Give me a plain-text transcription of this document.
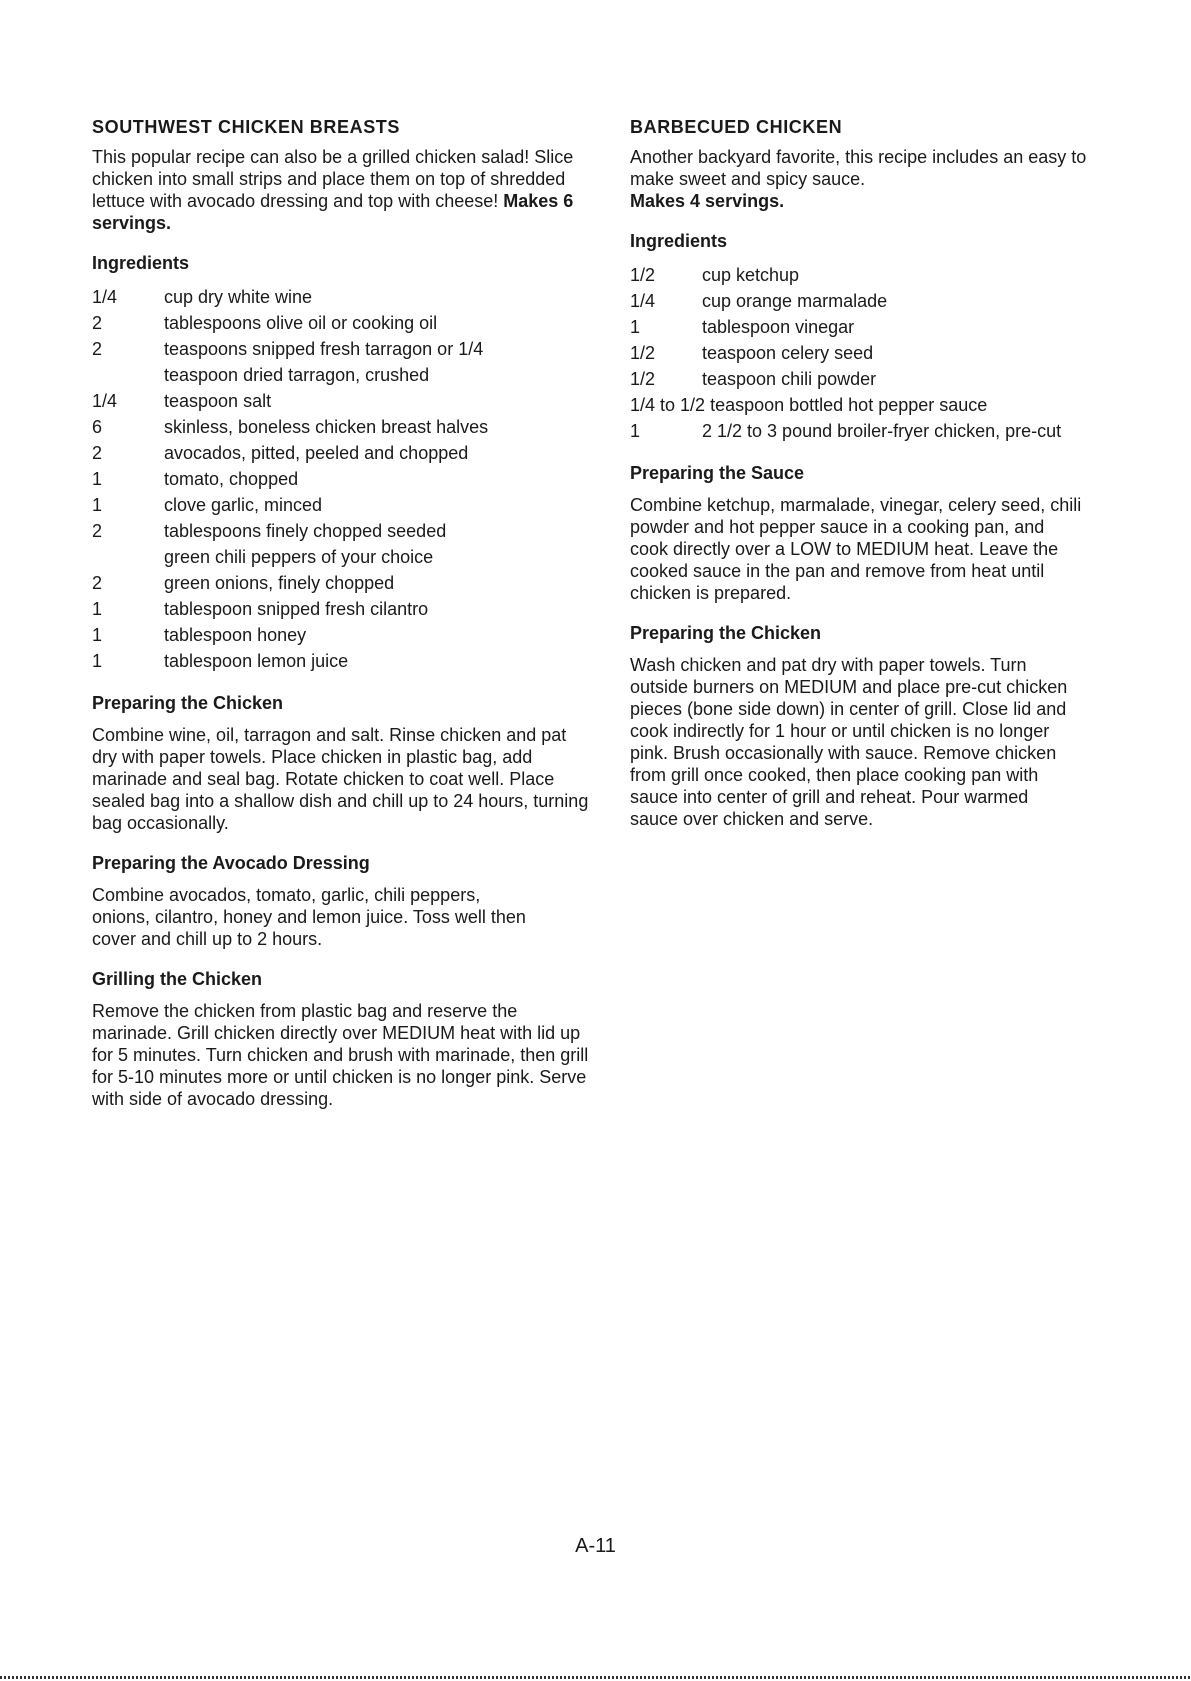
SOUTHWEST CHICKEN BREASTS

This popular recipe can also be a grilled chicken salad! Slice chicken into small strips and place them on top of shredded lettuce with avocado dressing and top with cheese! Makes 6 servings.

Ingredients
1/4	cup dry white wine
2	tablespoons olive oil or cooking oil
2	teaspoons snipped fresh tarragon or 1/4 teaspoon dried tarragon, crushed
1/4	teaspoon salt
6	skinless, boneless chicken breast halves
2	avocados, pitted, peeled and chopped
1	tomato, chopped
1	clove garlic, minced
2	tablespoons finely chopped seeded green chili peppers of your choice
2	green onions, finely chopped
1	tablespoon snipped fresh cilantro
1	tablespoon honey
1	tablespoon lemon juice
Preparing the Chicken

Combine wine, oil, tarragon and salt. Rinse chicken and pat dry with paper towels. Place chicken in plastic bag, add marinade and seal bag. Rotate chicken to coat well. Place sealed bag into a shallow dish and chill up to 24 hours, turning bag occasionally.

Preparing the Avocado Dressing

Combine avocados, tomato, garlic, chili peppers, onions, cilantro, honey and lemon juice. Toss well then cover and chill up to 2 hours.

Grilling the Chicken

Remove the chicken from plastic bag and reserve the marinade. Grill chicken directly over MEDIUM heat with lid up for 5 minutes. Turn chicken and brush with marinade, then grill for 5-10 minutes more or until chicken is no longer pink. Serve with side of avocado dressing.

BARBECUED CHICKEN

Another backyard favorite, this recipe includes an easy to make sweet and spicy sauce.
Makes 4 servings.

Ingredients
1/2	cup ketchup
1/4	cup orange marmalade
1	tablespoon vinegar
1/2	teaspoon celery seed
1/2	teaspoon chili powder
1/4 to 1/2 teaspoon bottled hot pepper sauce
1	2 1/2 to 3 pound broiler-fryer chicken, pre-cut
Preparing the Sauce

Combine ketchup, marmalade, vinegar, celery seed, chili powder and hot pepper sauce in a cooking pan, and cook directly over a LOW to MEDIUM heat. Leave the cooked sauce in the pan and remove from heat until chicken is prepared.

Preparing the Chicken

Wash chicken and pat dry with paper towels. Turn outside burners on MEDIUM and place pre-cut chicken pieces (bone side down) in center of grill. Close lid and cook indirectly for 1 hour or until chicken is no longer pink. Brush occasionally with sauce. Remove chicken from grill once cooked, then place cooking pan with sauce into center of grill and reheat. Pour warmed sauce over chicken and serve.

A-11
